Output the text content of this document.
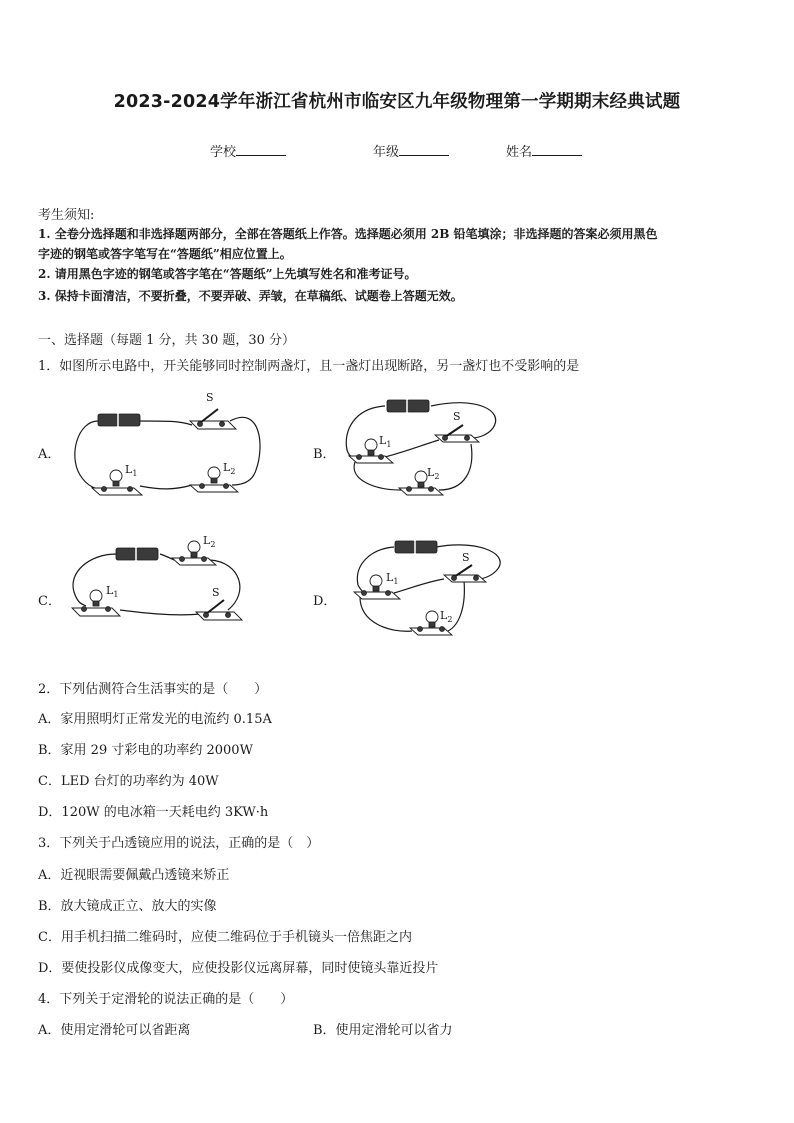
2023-2024学年浙江省杭州市临安区九年级物理第一学期期末经典试题
学校	年级	姓名
考生须知:
1. 全卷分选择题和非选择题两部分，全部在答题纸上作答。选择题必须用 2B 铅笔填涂；非选择题的答案必须用黑色
字迹的钢笔或答字笔写在“答题纸”相应位置上。
2. 请用黑色字迹的钢笔或答字笔在“答题纸”上先填写姓名和准考证号。
3. 保持卡面清洁，不要折叠，不要弄破、弄皱，在草稿纸、试题卷上答题无效。
一、选择题（每题 1 分，共 30 题，30 分）
1．如图所示电路中，开关能够同时控制两盏灯，且一盏灯出现断路，另一盏灯也不受影响的是
A．	B．
C．	D．
S
$L_1$	$L_2$
S
$L_1$
$L_2$
$L_2$
$L_1$	S
S
$L_1$
$L_2$
2．下列估测符合生活事实的是（　　）
A．家用照明灯正常发光的电流约 0.15A
B．家用 29 寸彩电的功率约 2000W
C．LED 台灯的功率约为 40W
D．120W 的电冰箱一天耗电约 3KW·h
3．下列关于凸透镜应用的说法，正确的是（　）
A．近视眼需要佩戴凸透镜来矫正
B．放大镜成正立、放大的实像
C．用手机扫描二维码时，应使二维码位于手机镜头一倍焦距之内
D．要使投影仪成像变大，应使投影仪远离屏幕，同时使镜头靠近投片
4．下列关于定滑轮的说法正确的是（　　）
A．使用定滑轮可以省距离	B．使用定滑轮可以省力
